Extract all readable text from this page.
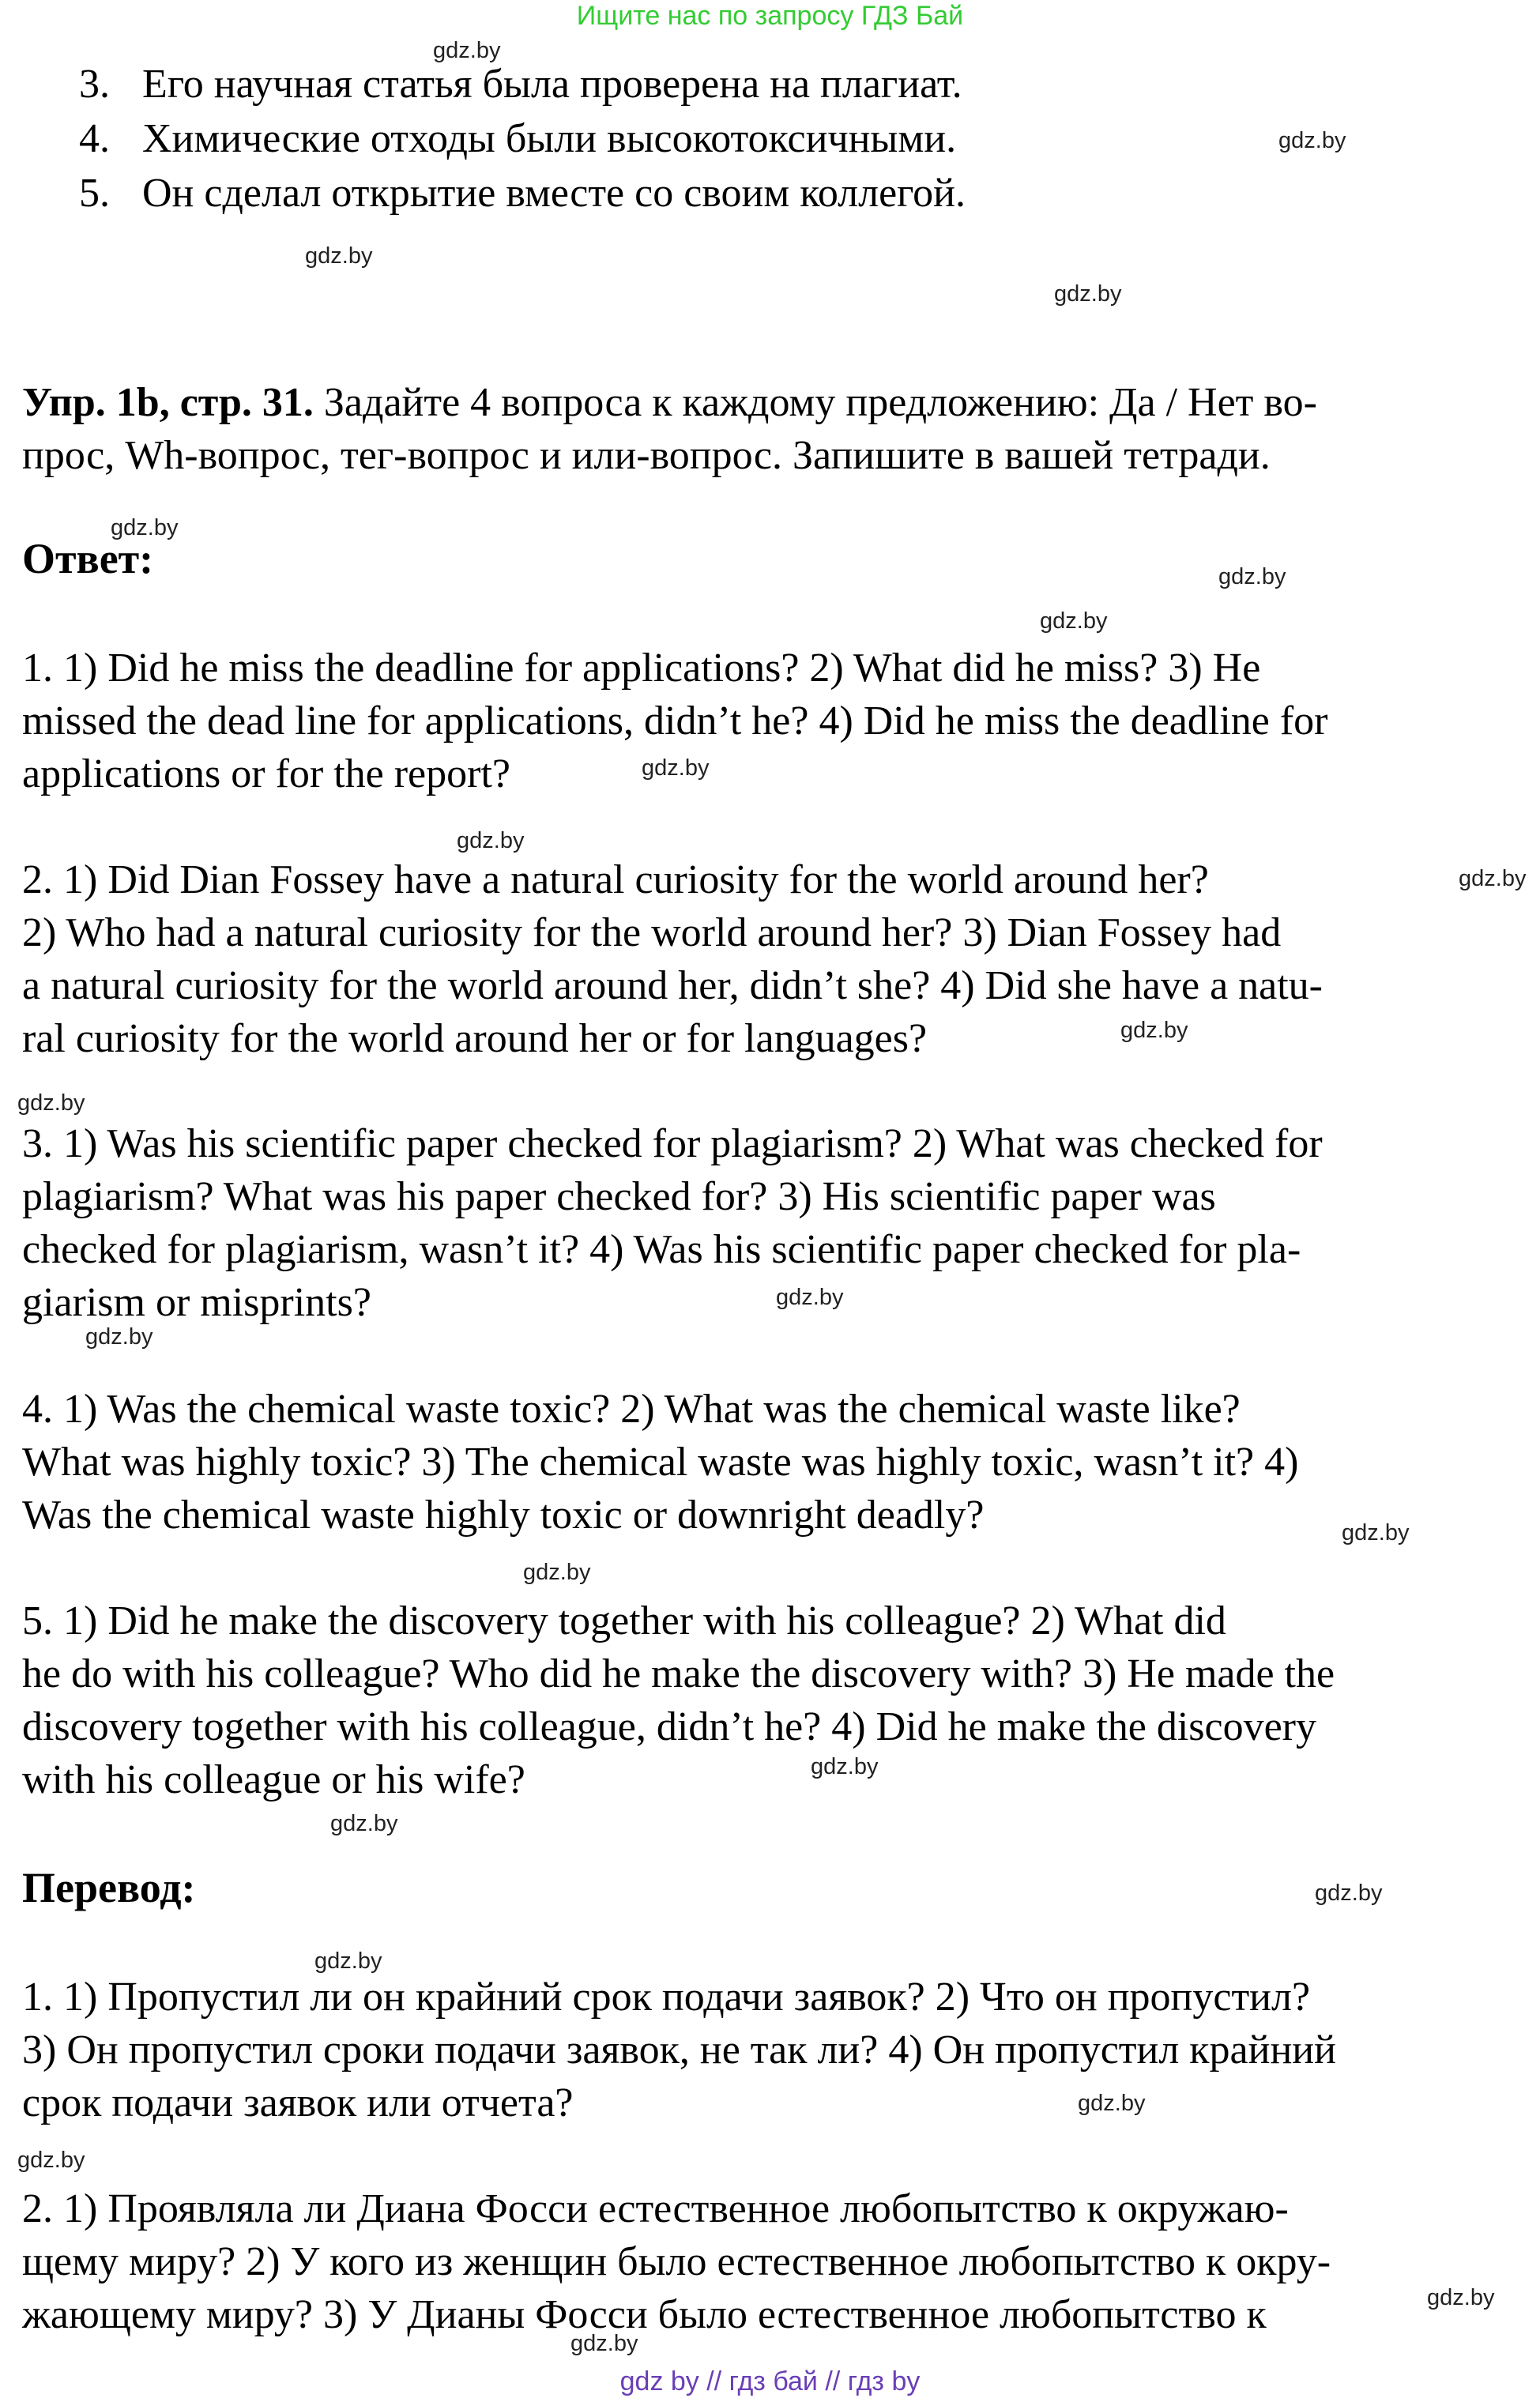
Ищите нас по запросу ГДЗ Бай
gdz.by
gdz.by
gdz.by
gdz.by
gdz.by
gdz.by
gdz.by
gdz.by
gdz.by
gdz.by
gdz.by
gdz.by
gdz.by
gdz.by
gdz.by
gdz.by
gdz.by
gdz.by
gdz.by
gdz.by
gdz.by
gdz.by
gdz.by
gdz.by
3. Его научная статья была проверена на плагиат.
4. Химические отходы были высокотоксичными.
5. Он сделал открытие вместе со своим коллегой.
Упр. 1b, стр. 31. Задайте 4 вопроса к каждому предложению: Да / Нет во-
прос, Wh-вопрос, тег-вопрос и или-вопрос. Запишите в вашей тетради.
Ответ:
1. 1) Did he miss the deadline for applications? 2) What did he miss? 3) He
missed the dead line for applications, didn’t he? 4) Did he miss the deadline for
applications or for the report?
2. 1) Did Dian Fossey have a natural curiosity for the world around her?
2) Who had a natural curiosity for the world around her? 3) Dian Fossey had
a natural curiosity for the world around her, didn’t she? 4) Did she have a natu-
ral curiosity for the world around her or for languages?
3. 1) Was his scientific paper checked for plagiarism? 2) What was checked for
plagiarism? What was his paper checked for? 3) His scientific paper was
checked for plagiarism, wasn’t it? 4) Was his scientific paper checked for pla-
giarism or misprints?
4. 1) Was the chemical waste toxic? 2) What was the chemical waste like?
What was highly toxic? 3) The chemical waste was highly toxic, wasn’t it? 4)
Was the chemical waste highly toxic or downright deadly?
5. 1) Did he make the discovery together with his colleague? 2) What did
he do with his colleague? Who did he make the discovery with? 3) He made the
discovery together with his colleague, didn’t he? 4) Did he make the discovery
with his colleague or his wife?
Перевод:
1. 1) Пропустил ли он крайний срок подачи заявок? 2) Что он пропустил?
3) Он пропустил сроки подачи заявок, не так ли? 4) Он пропустил крайний
срок подачи заявок или отчета?
2. 1) Проявляла ли Диана Фосси естественное любопытство к окружаю-
щему миру? 2) У кого из женщин было естественное любопытство к окру-
жающему миру? 3) У Дианы Фосси было естественное любопытство к
gdz by // гдз бай // гдз by
